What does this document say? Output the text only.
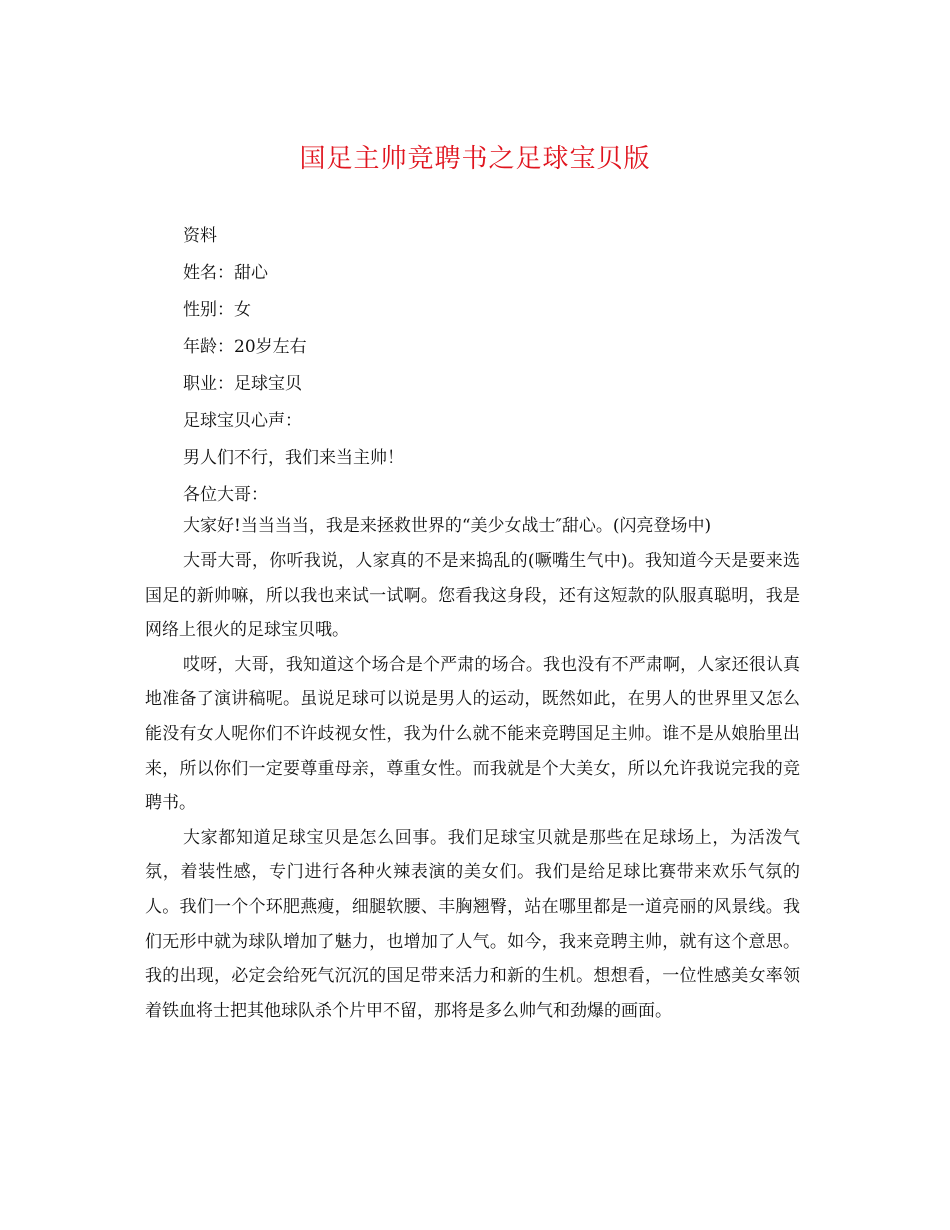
国足主帅竞聘书之足球宝贝版
资料
姓名：甜心
性别：女
年龄：20岁左右
职业：足球宝贝
足球宝贝心声：
男人们不行，我们来当主帅！
各位大哥：

大家好!当当当当，我是来拯救世界的“美少女战士″甜心。(闪亮登场中)

大哥大哥，你听我说，人家真的不是来捣乱的(噘嘴生气中)。我知道今天是要来选国足的新帅嘛，所以我也来试一试啊。您看我这身段，还有这短款的队服真聪明，我是网络上很火的足球宝贝哦。

哎呀，大哥，我知道这个场合是个严肃的场合。我也没有不严肃啊，人家还很认真地准备了演讲稿呢。虽说足球可以说是男人的运动，既然如此，在男人的世界里又怎么能没有女人呢你们不许歧视女性，我为什么就不能来竞聘国足主帅。谁不是从娘胎里出来，所以你们一定要尊重母亲，尊重女性。而我就是个大美女，所以允许我说完我的竞聘书。

大家都知道足球宝贝是怎么回事。我们足球宝贝就是那些在足球场上，为活泼气氛，着装性感，专门进行各种火辣表演的美女们。我们是给足球比赛带来欢乐气氛的人。我们一个个环肥燕瘦，细腿软腰、丰胸翘臀，站在哪里都是一道亮丽的风景线。我们无形中就为球队增加了魅力，也增加了人气。如今，我来竞聘主帅，就有这个意思。我的出现，必定会给死气沉沉的国足带来活力和新的生机。想想看，一位性感美女率领着铁血将士把其他球队杀个片甲不留，那将是多么帅气和劲爆的画面。
